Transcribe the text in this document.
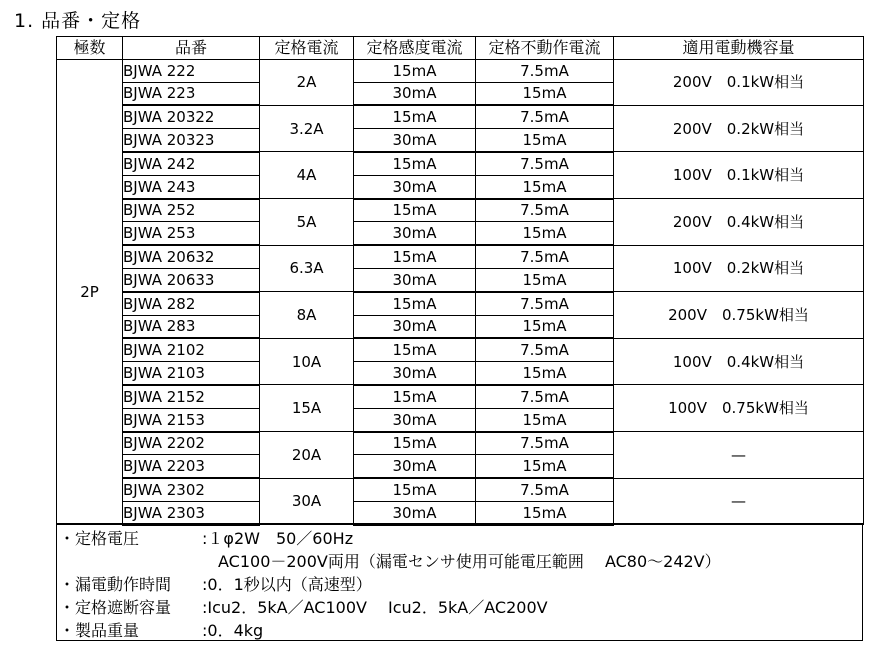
1. 品番・定格
極数	品番	定格電流	定格感度電流	定格不動作電流	適用電動機容量
2P	BJWA 222	2A	15mA	7.5mA	200V　0.1kW相当
	BJWA 223		30mA	15mA	
	BJWA 20322	3.2A	15mA	7.5mA	200V　0.2kW相当
	BJWA 20323		30mA	15mA	
	BJWA 242	4A	15mA	7.5mA	100V　0.1kW相当
	BJWA 243		30mA	15mA	
	BJWA 252	5A	15mA	7.5mA	200V　0.4kW相当
	BJWA 253		30mA	15mA	
	BJWA 20632	6.3A	15mA	7.5mA	100V　0.2kW相当
	BJWA 20633		30mA	15mA	
	BJWA 282	8A	15mA	7.5mA	200V　0.75kW相当
	BJWA 283		30mA	15mA	
	BJWA 2102	10A	15mA	7.5mA	100V　0.4kW相当
	BJWA 2103		30mA	15mA	
	BJWA 2152	15A	15mA	7.5mA	100V　0.75kW相当
	BJWA 2153		30mA	15mA	
	BJWA 2202	20A	15mA	7.5mA	—
	BJWA 2203		30mA	15mA	
	BJWA 2302	30A	15mA	7.5mA	—
	BJWA 2303		30mA	15mA	
・定格電圧	:１φ2W　50／60Hz
　AC100－200V両用（漏電センサ使用可能電圧範囲　 AC80～242V）
・漏電動作時間 :0．1秒以内（高速型）
・定格遮断容量 :Icu2．5kA／AC100V　 Icu2．5kA／AC200V
・製品重量	:0．4kg
